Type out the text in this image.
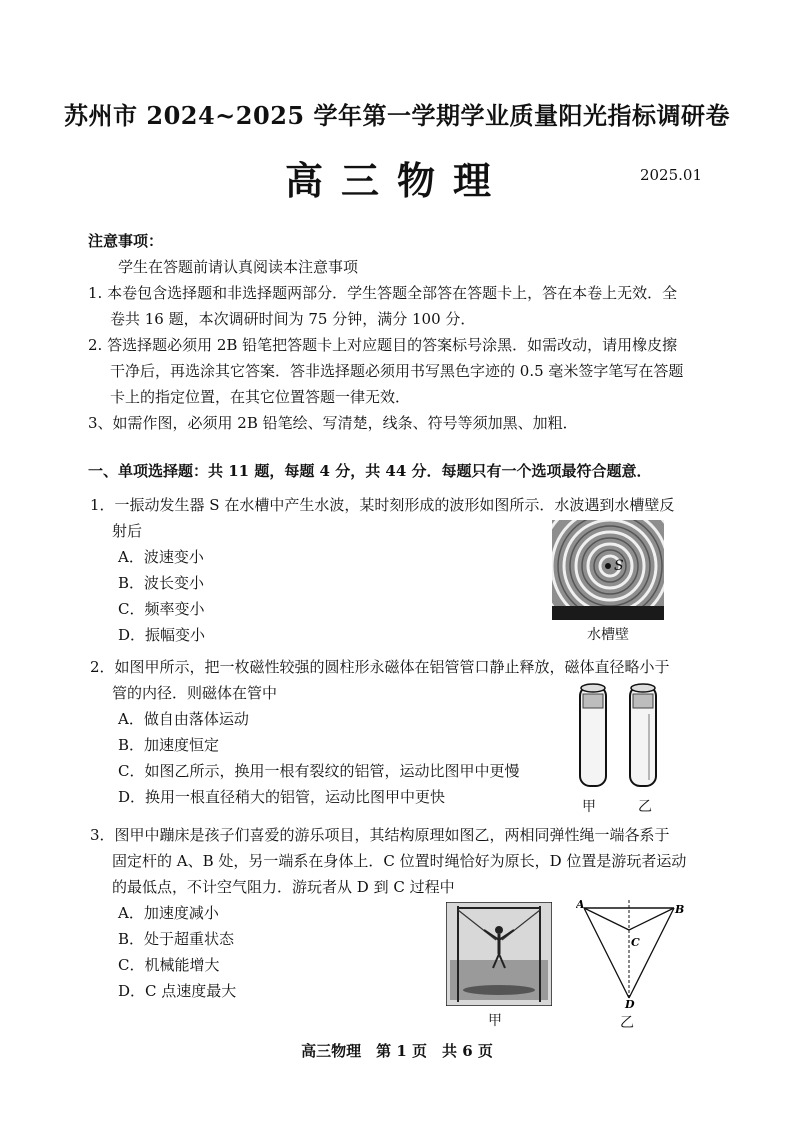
苏州市 2024~2025 学年第一学期学业质量阳光指标调研卷
高三物理	2025.01
注意事项：
学生在答题前请认真阅读本注意事项
1. 本卷包含选择题和非选择题两部分．学生答题全部答在答题卡上，答在本卷上无效．全
卷共 16 题，本次调研时间为 75 分钟，满分 100 分．
2. 答选择题必须用 2B 铅笔把答题卡上对应题目的答案标号涂黑．如需改动，请用橡皮擦
干净后，再选涂其它答案．答非选择题必须用书写黑色字迹的 0.5 毫米签字笔写在答题
卡上的指定位置，在其它位置答题一律无效．
3、如需作图，必须用 2B 铅笔绘、写清楚，线条、符号等须加黑、加粗．
一、单项选择题：共 11 题，每题 4 分，共 44 分．每题只有一个选项最符合题意．
1．一振动发生器 S 在水槽中产生水波，某时刻形成的波形如图所示．水波遇到水槽壁反
射后
A．波速变小
B．波长变小
C．频率变小
D．振幅变小
S
水槽壁
2．如图甲所示，把一枚磁性较强的圆柱形永磁体在铝管管口静止释放，磁体直径略小于
管的内径．则磁体在管中
A．做自由落体运动
B．加速度恒定
C．如图乙所示，换用一根有裂纹的铝管，运动比图甲中更慢
D．换用一根直径稍大的铝管，运动比图甲中更快
甲	乙
3．图甲中蹦床是孩子们喜爱的游乐项目，其结构原理如图乙，两相同弹性绳一端各系于
固定杆的 A、B 处，另一端系在身体上．C 位置时绳恰好为原长，D 位置是游玩者运动
的最低点，不计空气阻力．游玩者从 D 到 C 过程中
A．加速度减小
B．处于超重状态
C．机械能增大
D．C 点速度最大
甲
A	B
C
D
乙
高三物理　第 1 页　共 6 页
